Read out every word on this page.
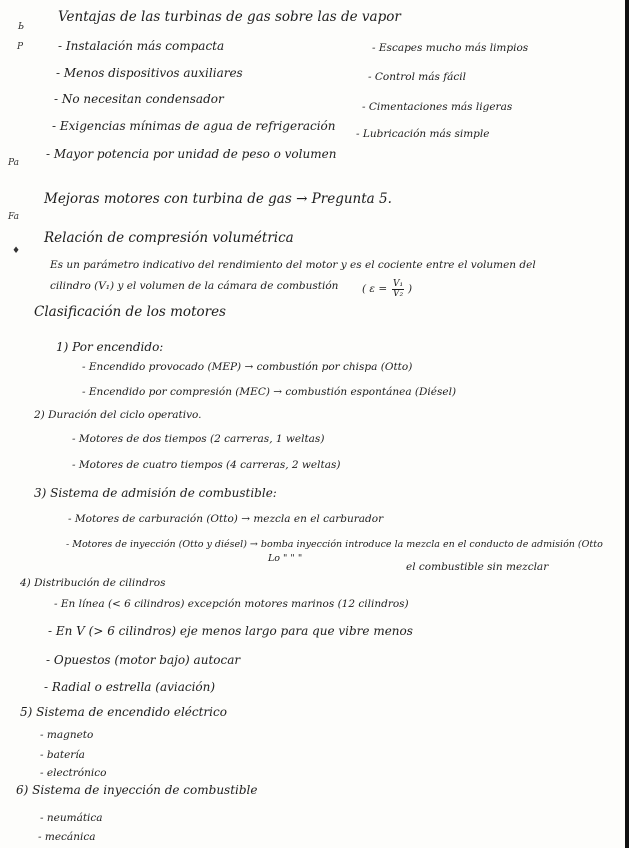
Ь
P
Pa
Fa
♦
Ventajas de las turbinas de gas sobre las de vapor
- Instalación más compacta
- Menos dispositivos auxiliares
- No necesitan condensador
- Exigencias mínimas de agua de refrigeración
- Mayor potencia por unidad de peso o volumen
- Escapes mucho más limpios
- Control más fácil
- Cimentaciones más ligeras
- Lubricación más simple
Mejoras motores con turbina de gas → Pregunta 5.
Relación de compresión volumétrica
Es un parámetro indicativo del rendimiento del motor y es el cociente entre el volumen del
cilindro (V₁) y el volumen de la cámara de combustión ( $\varepsilon = \frac{\text{V₁}}{\text{V₂}}$ )
Clasificación de los motores
1) Por encendido:
- Encendido provocado (MEP) → combustión por chispa (Otto)
- Encendido por compresión (MEC) → combustión espontánea (Diésel)
2) Duración del ciclo operativo.
- Motores de dos tiempos (2 carreras, 1 weltas)
- Motores de cuatro tiempos (4 carreras, 2 weltas)
3) Sistema de admisión de combustible:
- Motores de carburación (Otto) → mezcla en el carburador
- Motores de inyección (Otto y diésel) → bomba inyección introduce la mezcla en el conducto de admisión (Otto
Lo " " "
el combustible sin mezclar
4) Distribución de cilindros
- En línea (< 6 cilindros) excepción motores marinos (12 cilindros)
- En V (> 6 cilindros) eje menos largo para que vibre menos
- Opuestos (motor bajo) autocar
- Radial o estrella (aviación)
5) Sistema de encendido eléctrico
- magneto
- batería
- electrónico
6) Sistema de inyección de combustible
- neumática
- mecánica
